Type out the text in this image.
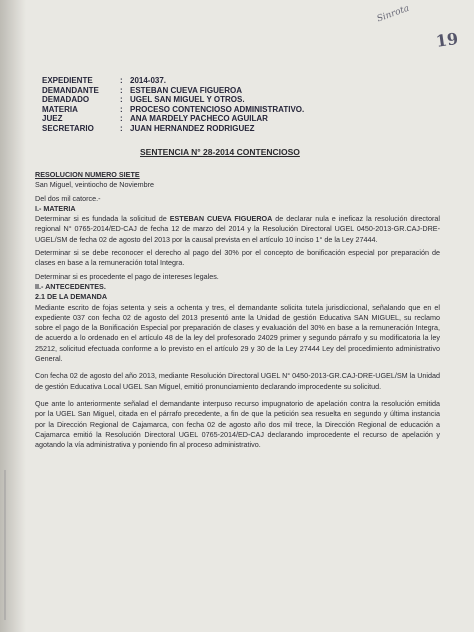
Sinrota
19
EXPEDIENTE	: 2014-037.
DEMANDANTE	: ESTEBAN CUEVA FIGUEROA
DEMADADO	: UGEL SAN MIGUEL Y OTROS.
MATERIA	: PROCESO CONTENCIOSO ADMINISTRATIVO.
JUEZ	: ANA MARDELY PACHECO AGUILAR
SECRETARIO	: JUAN HERNANDEZ RODRIGUEZ
SENTENCIA N° 28-2014 CONTENCIOSO

RESOLUCION NUMERO SIETE

San Miguel, veintiocho de Noviembre

Del dos mil catorce.-

I.- MATERIA

Determinar si es fundada la solicitud de ESTEBAN CUEVA FIGUEROA de declarar nula e ineficaz la resolución directoral regional N° 0765-2014/ED-CAJ de fecha 12 de marzo del 2014 y la Resolución Directoral UGEL 0450-2013-GR.CAJ-DRE-UGEL/SM de fecha 02 de agosto del 2013 por la causal prevista en el artículo 10 inciso 1° de la Ley 27444.

Determinar si se debe reconocer el derecho al pago del 30% por el concepto de bonificación especial por preparación de clases en base a la remuneración total Integra.

Determinar si es procedente el pago de intereses legales.

II.- ANTECEDENTES.

2.1 DE LA DEMANDA

Mediante escrito de fojas setenta y seis a ochenta y tres, el demandante solicita tutela jurisdiccional, señalando que en el expediente 037 con fecha 02 de agosto del 2013 presentó ante la Unidad de gestión Educativa SAN MIGUEL, su reclamo sobre el pago de la Bonificación Especial por preparación de clases y evaluación del 30% en base a la remuneración Integra, de acuerdo a lo ordenado en el artículo 48 de la ley del profesorado 24029 primer y segundo párrafo y su modificatoria la ley 25212, solicitud efectuada conforme a lo previsto en el artículo 29 y 30 de la Ley 27444 Ley del procedimiento administrativo General.

Con fecha 02 de agosto del año 2013, mediante Resolución Directoral UGEL N° 0450-2013-GR.CAJ-DRE-UGEL/SM la Unidad de gestión Educativa Local UGEL San Miguel, emitió pronunciamiento declarando improcedente su solicitud.

Que ante lo anteriormente señalad el demandante interpuso recurso impugnatorio de apelación contra la resolución emitida por la UGEL San Miguel, citada en el párrafo precedente, a fin de que la petición sea resuelta en segundo y última instancia por la Dirección Regional de Cajamarca, con fecha 02 de agosto año dos mil trece, la Dirección Regional de educación a Cajamarca emitió la Resolución Directoral UGEL 0765-2014/ED-CAJ declarando improcedente el recurso de apelación y agotando la vía administrativa y poniendo fin al proceso administrativo.
